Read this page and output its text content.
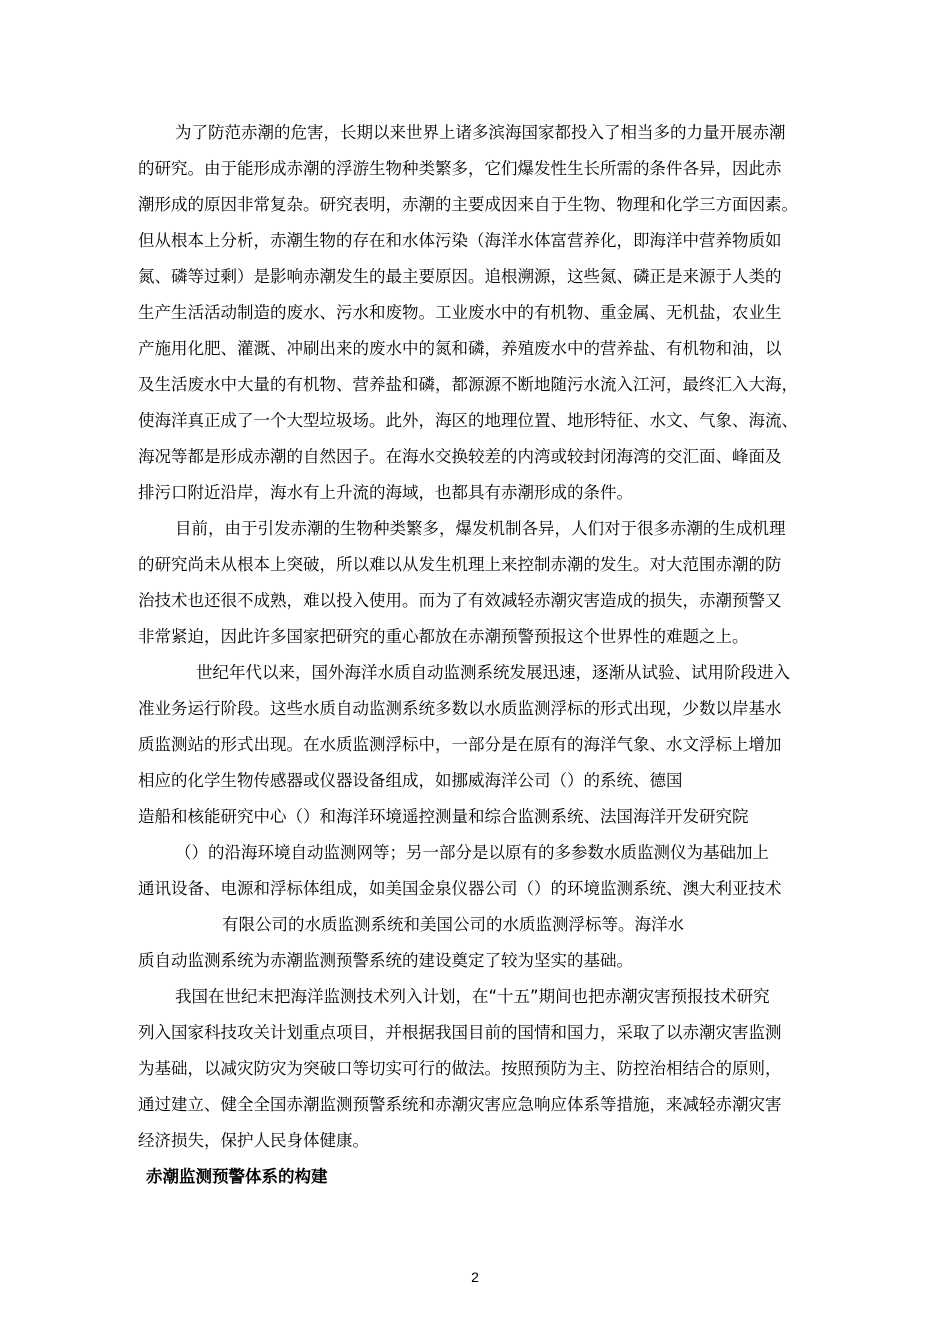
为了防范赤潮的危害，长期以来世界上诸多滨海国家都投入了相当多的力量开展赤潮
的研究。由于能形成赤潮的浮游生物种类繁多，它们爆发性生长所需的条件各异，因此赤
潮形成的原因非常复杂。研究表明，赤潮的主要成因来自于生物、物理和化学三方面因素。
但从根本上分析，赤潮生物的存在和水体污染（海洋水体富营养化，即海洋中营养物质如
氮、磷等过剩）是影响赤潮发生的最主要原因。追根溯源，这些氮、磷正是来源于人类的
生产生活活动制造的废水、污水和废物。工业废水中的有机物、重金属、无机盐，农业生
产施用化肥、灌溉、冲刷出来的废水中的氮和磷，养殖废水中的营养盐、有机物和油，以
及生活废水中大量的有机物、营养盐和磷，都源源不断地随污水流入江河，最终汇入大海，
使海洋真正成了一个大型垃圾场。此外，海区的地理位置、地形特征、水文、气象、海流、
海况等都是形成赤潮的自然因子。在海水交换较差的内湾或较封闭海湾的交汇面、峰面及
排污口附近沿岸，海水有上升流的海域，也都具有赤潮形成的条件。
目前，由于引发赤潮的生物种类繁多，爆发机制各异，人们对于很多赤潮的生成机理
的研究尚未从根本上突破，所以难以从发生机理上来控制赤潮的发生。对大范围赤潮的防
治技术也还很不成熟，难以投入使用。而为了有效减轻赤潮灾害造成的损失，赤潮预警又
非常紧迫，因此许多国家把研究的重心都放在赤潮预警预报这个世界性的难题之上。
世纪年代以来，国外海洋水质自动监测系统发展迅速，逐渐从试验、试用阶段进入
准业务运行阶段。这些水质自动监测系统多数以水质监测浮标的形式出现，少数以岸基水
质监测站的形式出现。在水质监测浮标中，一部分是在原有的海洋气象、水文浮标上增加
相应的化学生物传感器或仪器设备组成，如挪威海洋公司（）的系统、德国
造船和核能研究中心（）和海洋环境遥控测量和综合监测系统、法国海洋开发研究院
（）的沿海环境自动监测网等；另一部分是以原有的多参数水质监测仪为基础加上
通讯设备、电源和浮标体组成，如美国金泉仪器公司（）的环境监测系统、澳大利亚技术
有限公司的水质监测系统和美国公司的水质监测浮标等。海洋水
质自动监测系统为赤潮监测预警系统的建设奠定了较为坚实的基础。
我国在世纪末把海洋监测技术列入计划，在“十五”期间也把赤潮灾害预报技术研究
列入国家科技攻关计划重点项目，并根据我国目前的国情和国力，采取了以赤潮灾害监测
为基础，以减灾防灾为突破口等切实可行的做法。按照预防为主、防控治相结合的原则，
通过建立、健全全国赤潮监测预警系统和赤潮灾害应急响应体系等措施，来减轻赤潮灾害
经济损失，保护人民身体健康。
赤潮监测预警体系的构建
2
